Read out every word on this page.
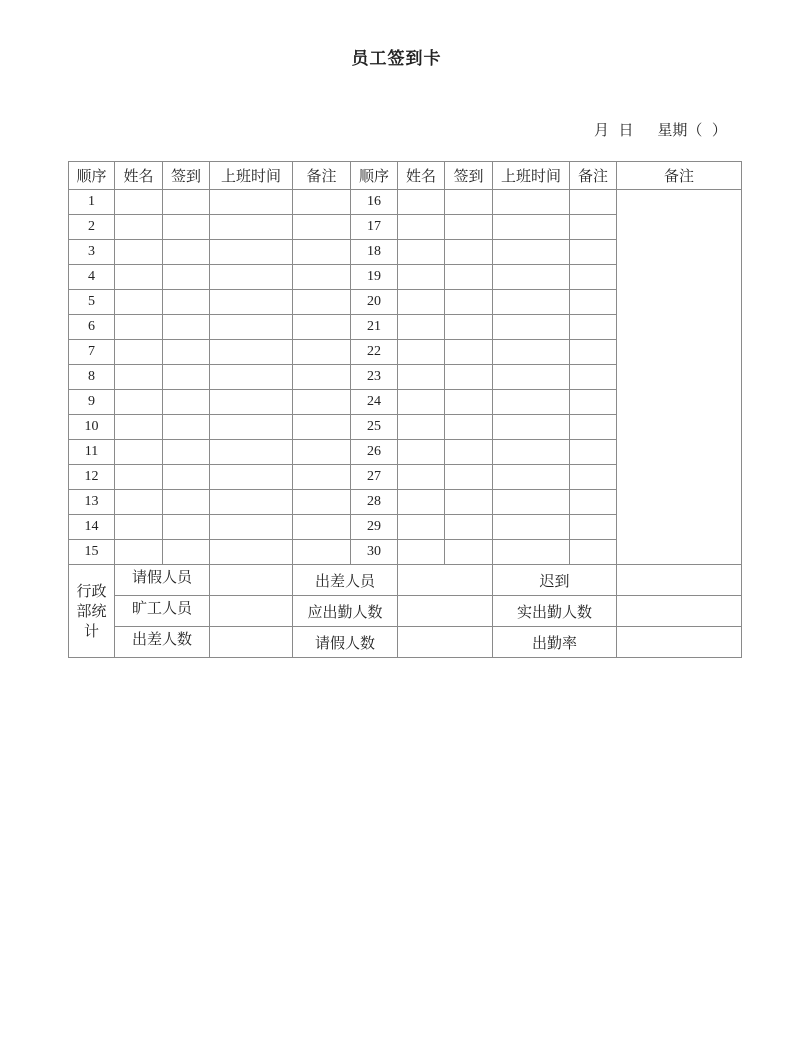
员工签到卡
月  日     星期（  ）
顺序	姓名	签到	上班时间	备注	顺序	姓名	签到	上班时间	备注	备注
1					16					
2					17					
3					18					
4					19					
5					20					
6					21					
7					22					
8					23					
9					24					
10					25					
11					26					
12					27					
13					28					
14					29					
15					30					

行政
部统
计	请假人员			出差人员				迟到		
	旷工人员			应出勤人数				实出勤人数		
	出差人数			请假人数				出勤率		
